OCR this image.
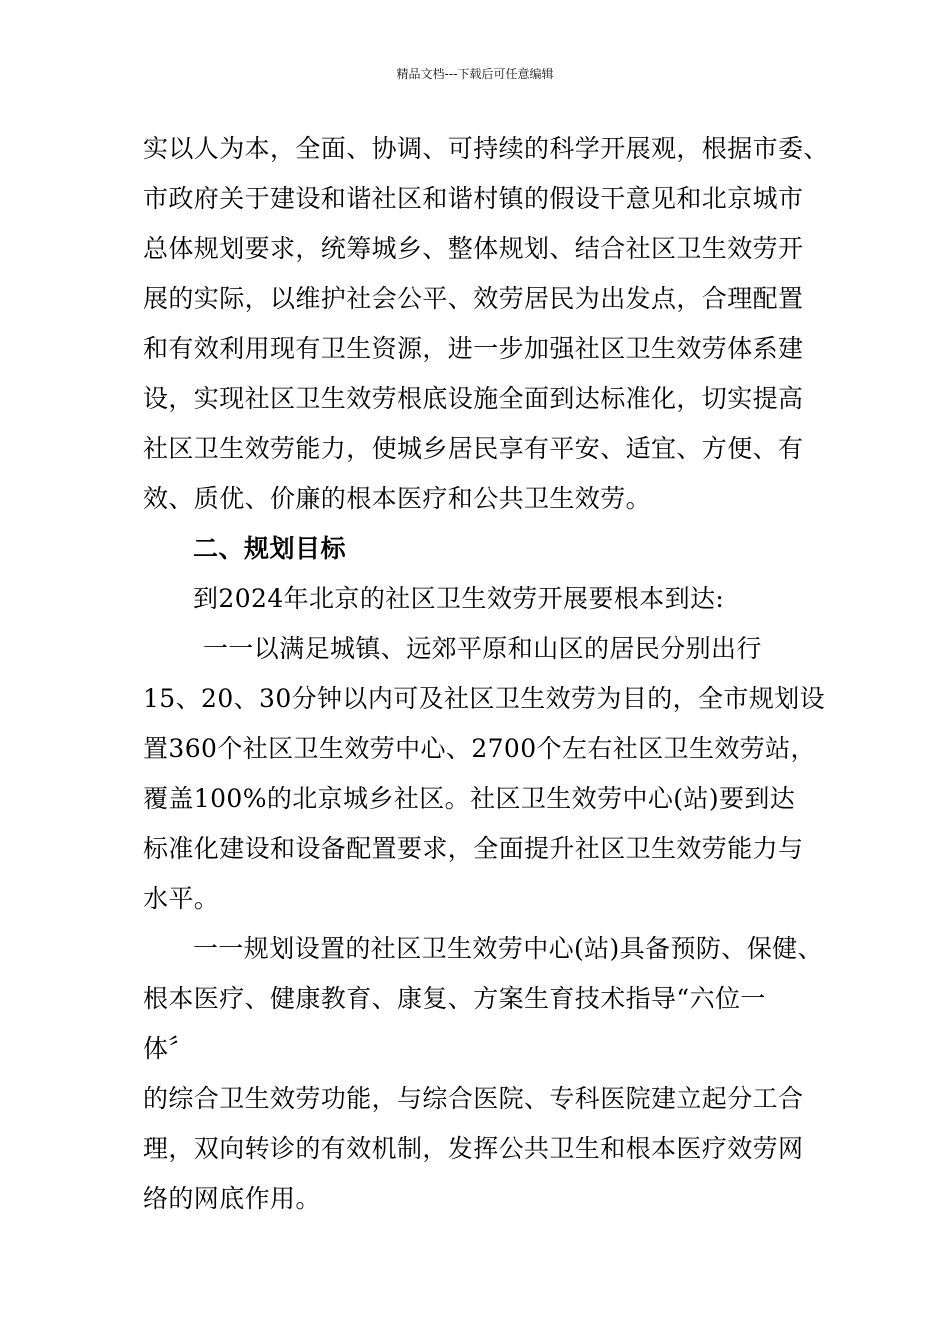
精品文档---下载后可任意编辑
实以人为本，全面、协调、可持续的科学开展观，根据市委、
市政府关于建设和谐社区和谐村镇的假设干意见和北京城市
总体规划要求，统筹城乡、整体规划、结合社区卫生效劳开
展的实际，以维护社会公平、效劳居民为出发点，合理配置
和有效利用现有卫生资源，进一步加强社区卫生效劳体系建
设，实现社区卫生效劳根底设施全面到达标准化，切实提高
社区卫生效劳能力，使城乡居民享有平安、适宜、方便、有
效、质优、价廉的根本医疗和公共卫生效劳。
二、规划目标
到2024年北京的社区卫生效劳开展要根本到达:
一一以满足城镇、远郊平原和山区的居民分别出行
15、20、30分钟以内可及社区卫生效劳为目的，全市规划设
置360个社区卫生效劳中心、2700个左右社区卫生效劳站，
覆盖100%的北京城乡社区。社区卫生效劳中心(站)要到达
标准化建设和设备配置要求，全面提升社区卫生效劳能力与
水平。
一一规划设置的社区卫生效劳中心(站)具备预防、保健、
根本医疗、健康教育、康复、方案生育技术指导“六位一
体〞
的综合卫生效劳功能，与综合医院、专科医院建立起分工合
理，双向转诊的有效机制，发挥公共卫生和根本医疗效劳网
络的网底作用。
